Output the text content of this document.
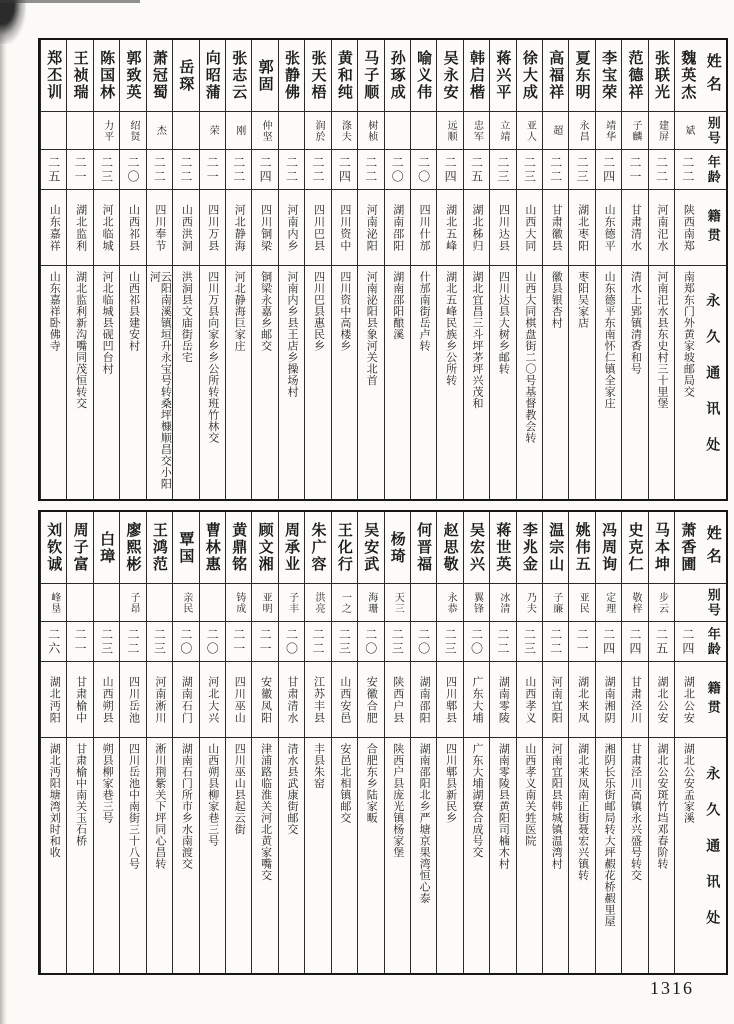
姓名
别号
年龄
籍贯
永久通讯处
魏英杰
斌
二二
陕西南郑
南郑东门外黄家坡邮局交
张联光
建屏
二二
河南汜水
河南汜水县东史村三十里堡
范德祥
子麟
二一
甘肃清水
清水上郢镇清香和号
李宝荣
靖华
二四
山东德平
山东德平东南怀仁镇全家庄
夏东明
永昌
二三
湖北枣阳
枣阳吴家店
高福祥
超
二二
甘肃徽县
徽县银杏村
徐大成
亚人
二三
山西大同
山西大同棋盘街二〇号基督教会转
蒋兴平
立靖
二三
四川达县
四川达县大树乡邮转
韩启楷
忠军
二五
湖北秭归
湖北宜昌三斗坪茅坪兴茂和
吴永安
远顺
二四
湖北五峰
湖北五峰民族乡公所转
喻义伟
二〇
四川什邡
什邡南街岳卢转
孙琢成
二〇
湖南邵阳
湖南邵阳酿溪
马子顺
树桢
二二
河南泌阳
河南泌阳县象河关北首
黄和纯
涤夫
二四
四川资中
四川资中高楼乡
张天梧
润於
二二
四川巴县
四川巴县惠民乡
张静佛
二二
河南内乡
河南内乡县王店乡操场村
郭固
仲坚
二四
四川铜梁
铜梁永嘉乡邮交
张志云
刚
二二
河北静海
河北静海巨家庄
向昭蒲
荣
二一
四川万县
四川万县向家乡乡公所转班竹林交
岳琛
二二
山西洪洞
洪洞县文庙街岳宅
萧冠蜀
杰
二二
四川奉节
云阳南溪镇垣升永宝号转桑坪槺顺昌交小阳河
郭致英
绍贤
二〇
山西祁县
山西祁县建安村
陈国林
力平
二三
河北临城
河北临城县砚凹台村
王祯瑞
二一
湖北监利
湖北监利新沟嘴同茂恒转交
郑丕训
二五
山东嘉祥
山东嘉祥卧佛寺
姓名
别号
年龄
籍贯
永久通讯处
萧香圃
二四
湖北公安
湖北公安孟家溪
马本坤
步云
二五
湖北公安
湖北公安斑竹垱邓春阶转
史克仁
敬梓
二四
甘肃泾川
甘肃泾川高镇永兴盛号转交
冯周询
定理
二四
湖南湘阴
湘阴长乐街邮局转大坪赮花桥赮里屋
姚伟五
亚民
二一
湖北来凤
湖北来凤南正街聂宏兴镇转
温宗山
子廉
二二
河南宜阳
河南宜阳县韩城镇温湾村
李兆金
乃夫
二三
山西孝义
山西孝义南关甡医院
蒋世英
冰清
二二
湖南零陵
湖南零陵县黄阳司楠木村
吴宏兴
翼锋
二〇
广东大埔
广东大埔湖寮合成号交
赵思敬
永恭
二三
四川郫县
四川郫县新民乡
何晋福
二〇
湖南邵阳
湖南邵阳北乡严塘京果湾恒心泰
杨琦
天三
二三
陕西户县
陕西户县庞光镇杨家堡
吴安武
海珊
二〇
安徽合肥
合肥东乡陆家畈
王化行
一之
二三
山西安邑
安邑北相镇邮交
朱广容
洪亮
二二
江苏丰县
丰县朱窑
周承业
子丰
二〇
甘肃清水
清水县武康街邮交
顾文湘
亚明
二一
安徽凤阳
津浦路临淮关河北黄家嘴交
黄鼎铭
铸成
二一
四川巫山
四川巫山县起云街
曹林惠
二〇
河北大兴
山西朔县柳家巷三号
覃国
亲民
二〇
湖南石门
湖南石门所市乡水南渡交
王鸿范
二三
河南淅川
淅川荆紫关下坪同心昌转
廖熙彬
子昂
二二
四川岳池
四川岳池中南街三十八号
白璋
二三
山西朔县
朔县柳家巷三号
周子富
二一
甘肃榆中
甘肃榆中南关玉石桥
刘钦诚
峰垦
二六
湖北沔阳
湖北沔阳塘湾刘时和收
1316
